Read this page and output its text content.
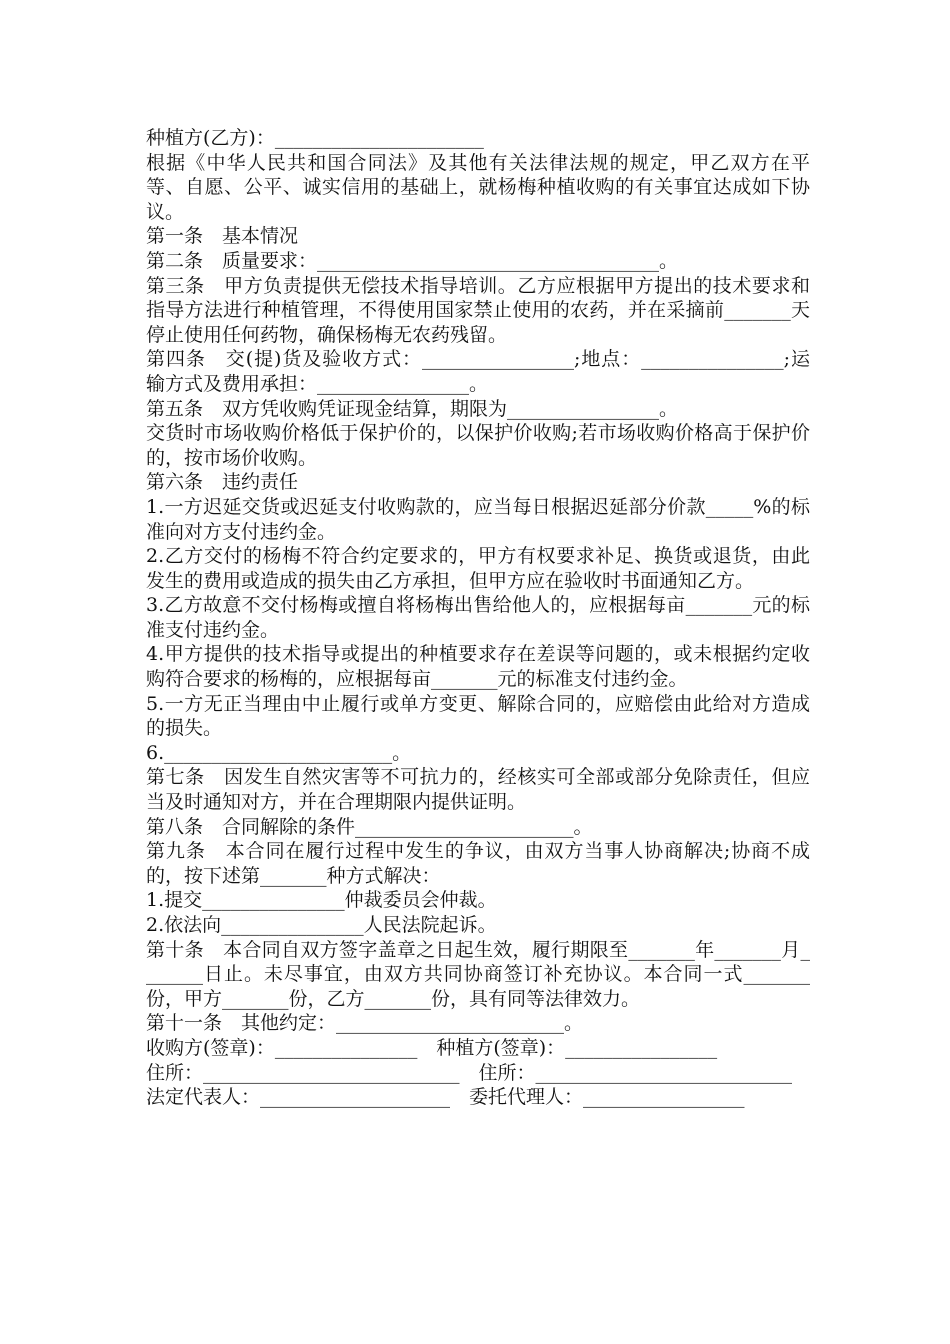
种植方(乙方)：______________________

根据《中华人民共和国合同法》及其他有关法律法规的规定，甲乙双方在平等、自愿、公平、诚实信用的基础上，就杨梅种植收购的有关事宜达成如下协议。

第一条　基本情况

第二条　质量要求：____________________________________。

第三条　甲方负责提供无偿技术指导培训。乙方应根据甲方提出的技术要求和指导方法进行种植管理，不得使用国家禁止使用的农药，并在采摘前_______天停止使用任何药物，确保杨梅无农药残留。

第四条　交(提)货及验收方式：________________;地点：_______________;运输方式及费用承担：________________。

第五条　双方凭收购凭证现金结算，期限为________________。

交货时市场收购价格低于保护价的，以保护价收购;若市场收购价格高于保护价的，按市场价收购。

第六条　违约责任

1.一方迟延交货或迟延支付收购款的，应当每日根据迟延部分价款_____%的标准向对方支付违约金。

2.乙方交付的杨梅不符合约定要求的，甲方有权要求补足、换货或退货，由此发生的费用或造成的损失由乙方承担，但甲方应在验收时书面通知乙方。

3.乙方故意不交付杨梅或擅自将杨梅出售给他人的，应根据每亩_______元的标准支付违约金。

4.甲方提供的技术指导或提出的种植要求存在差误等问题的，或未根据约定收购符合要求的杨梅的，应根据每亩_______元的标准支付违约金。

5.一方无正当理由中止履行或单方变更、解除合同的，应赔偿由此给对方造成的损失。

6.________________________。

第七条　因发生自然灾害等不可抗力的，经核实可全部或部分免除责任，但应当及时通知对方，并在合理期限内提供证明。

第八条　合同解除的条件_______________________。

第九条　本合同在履行过程中发生的争议，由双方当事人协商解决;协商不成的，按下述第_______种方式解决：

1.提交_______________仲裁委员会仲裁。

2.依法向_______________人民法院起诉。

第十条　本合同自双方签字盖章之日起生效，履行期限至_______年_______月_______日止。未尽事宜，由双方共同协商签订补充协议。本合同一式_______份，甲方_______份，乙方_______份，具有同等法律效力。

第十一条　其他约定：________________________。

收购方(签章)：_______________　种植方(签章)：________________

住所：___________________________　住所：___________________________

法定代表人：____________________　委托代理人：_________________
